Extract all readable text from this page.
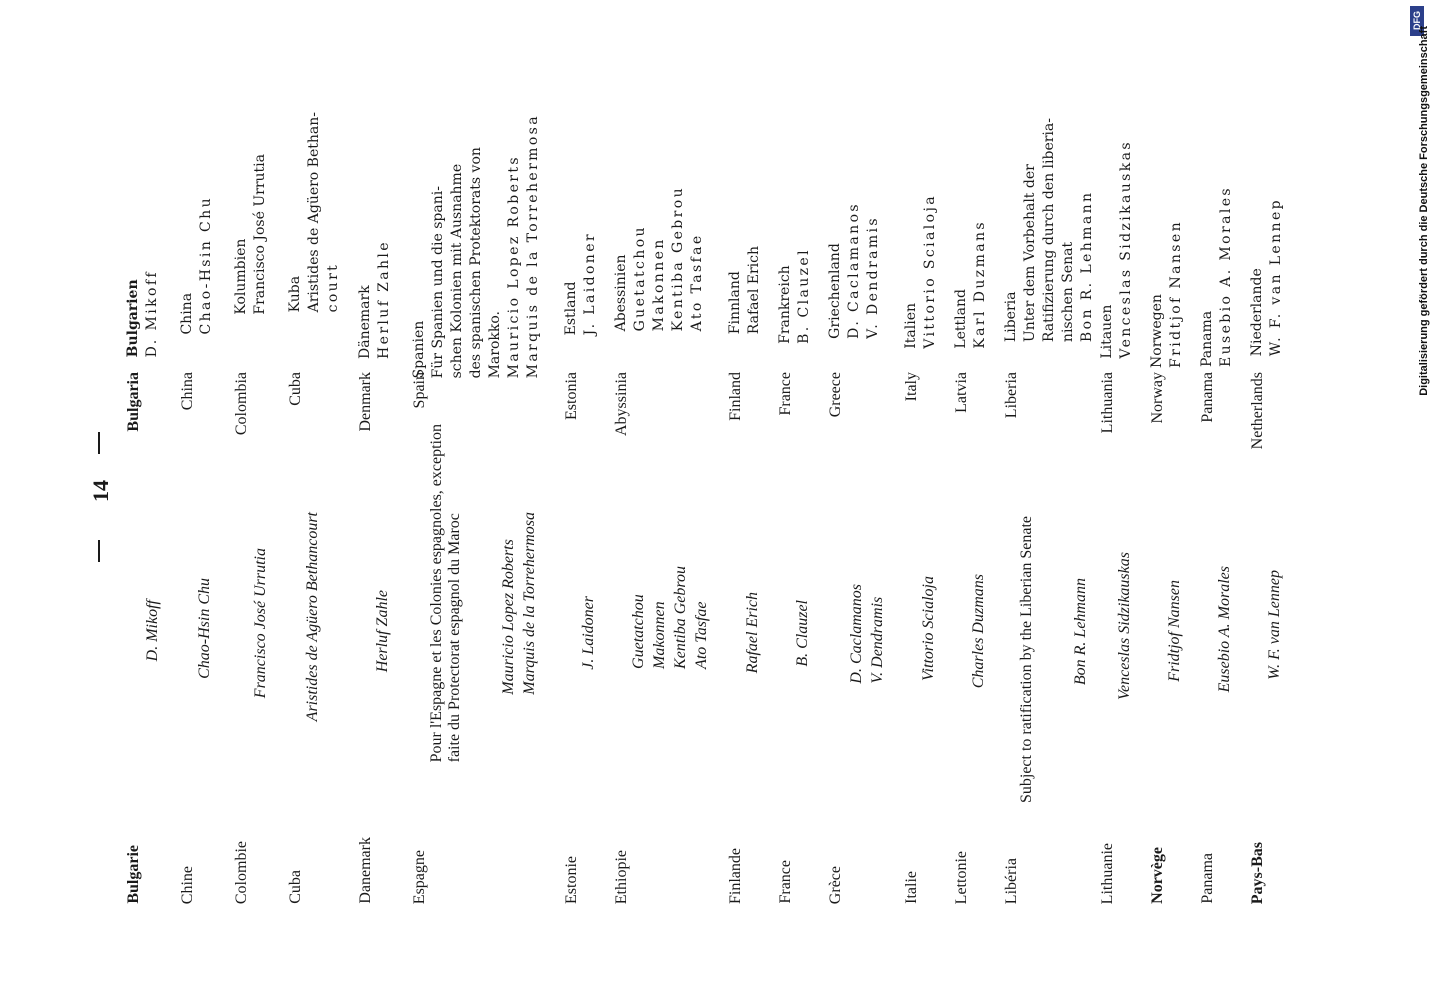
14
Bulgarie
D. Mikoff
Bulgaria
Bulgarien D. Mikoff
Chine
Chao-Hsin Chu
China
China Chao-Hsin Chu
Colombie
Francisco José Urrutia
Colombia
Kolumbien Francisco José Urrutia
Cuba
Aristides de Agüero Bethancourt
Cuba
Kuba Aristides de Agüero Bethan- court
Danemark
Herluf Zahle
Denmark
Dänemark Herluf Zahle
Espagne
Pour l'Espagne et les Colonies espagnoles, exception faite du Protectorat espagnol du Maroc Mauricio Lopez Roberts Marquis de la Torrehermosa
Spain
Spanien Für Spanien und die spani- schen Kolonien mit Ausnahme des spanischen Protektorats von Marokko. Mauricio Lopez Roberts Marquis de la Torrehermosa
Estonie
J. Laidoner
Estonia
Estland J. Laidoner
Ethiopie
Guetatchou Makonnen Kentiba Gebrou Ato Tasfae
Abyssinia
Abessinien Guetatchou Makonnen Kentiba Gebrou Ato Tasfae
Finlande
Rafael Erich
Finland
Finnland Rafael Erich
France
B. Clauzel
France
Frankreich B. Clauzel
Grèce
D. Caclamanos V. Dendramis
Greece
Griechenland D. Caclamanos V. Dendramis
Italie
Vittorio Scialoja
Italy
Italien Vittorio Scialoja
Lettonie
Charles Duzmans
Latvia
Lettland Karl Duzmans
Libéria
Subject to ratification by the Liberian Senate Bon R. Lehmann
Liberia
Liberia Unter dem Vorbehalt der Ratifizierung durch den liberia- nischen Senat Bon R. Lehmann
Lithuanie
Venceslas Sidzikauskas
Lithuania
Litauen Venceslas Sidzikauskas
Norvège
Fridtjof Nansen
Norway
Norwegen Fridtjof Nansen
Panama
Eusebio A. Morales
Panama
Panama Eusebio A. Morales
Pays-Bas
W. F. van Lennep
Netherlands
Niederlande W. F. van Lennep
DFG
Digitalisierung gefördert durch die Deutsche Forschungsgemeinschaft
